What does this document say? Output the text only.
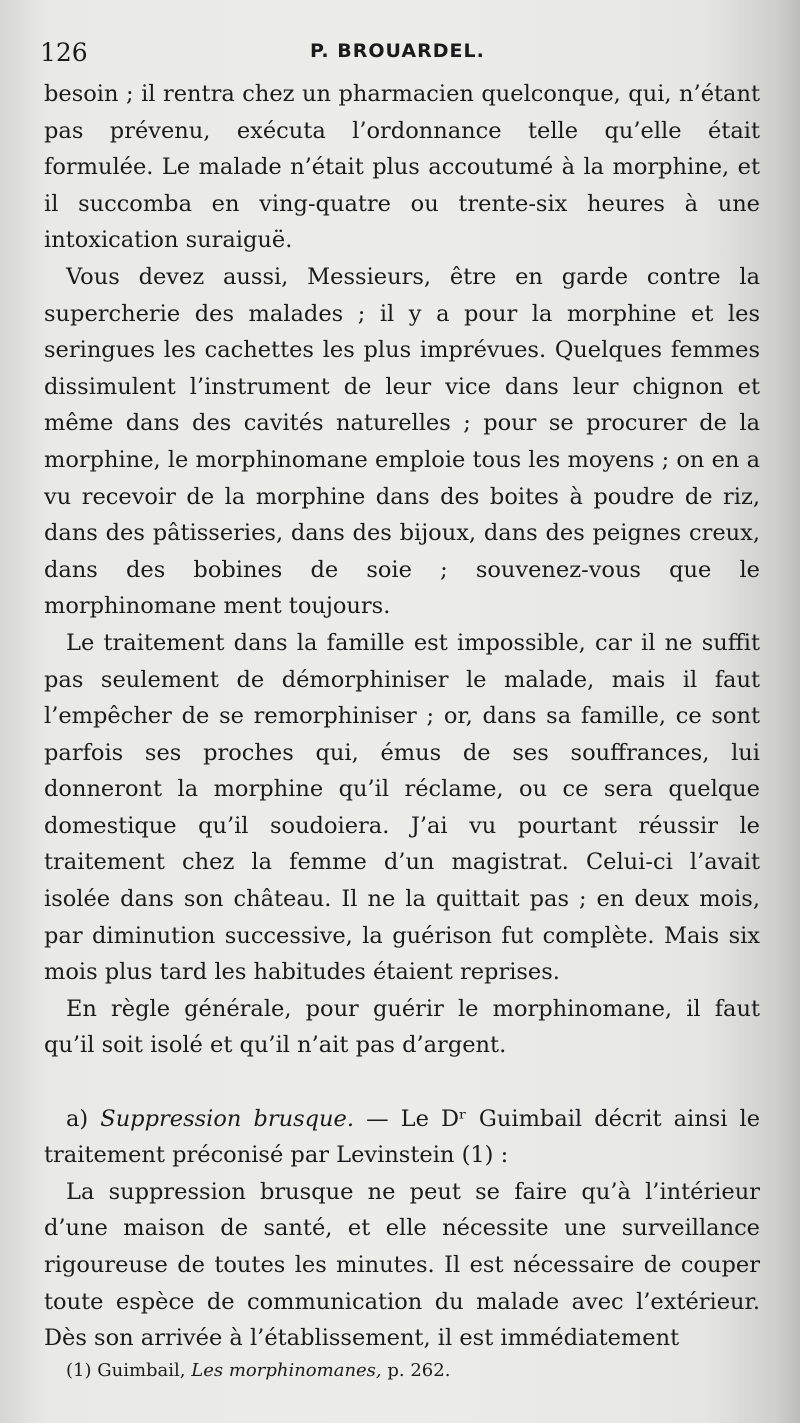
126	P. BROUARDEL.

besoin ; il rentra chez un pharmacien quelconque, qui, n’étant pas prévenu, exécuta l’ordonnance telle qu’elle était formulée. Le malade n’était plus accoutumé à la morphine, et il succomba en ving-quatre ou trente-six heures à une intoxication suraiguë.

Vous devez aussi, Messieurs, être en garde contre la supercherie des malades ; il y a pour la morphine et les seringues les cachettes les plus imprévues. Quelques femmes dissimulent l’instrument de leur vice dans leur chignon et même dans des cavités naturelles ; pour se procurer de la morphine, le morphinomane emploie tous les moyens ; on en a vu recevoir de la morphine dans des boites à poudre de riz, dans des pâtisseries, dans des bijoux, dans des peignes creux, dans des bobines de soie ; souvenez-vous que le morphinomane ment toujours.

Le traitement dans la famille est impossible, car il ne suffit pas seulement de démorphiniser le malade, mais il faut l’empêcher de se remorphiniser ; or, dans sa famille, ce sont parfois ses proches qui, émus de ses souffrances, lui donneront la morphine qu’il réclame, ou ce sera quelque domestique qu’il soudoiera. J’ai vu pourtant réussir le traitement chez la femme d’un magistrat. Celui-ci l’avait isolée dans son château. Il ne la quittait pas ; en deux mois, par diminution successive, la guérison fut complète. Mais six mois plus tard les habitudes étaient reprises.

En règle générale, pour guérir le morphinomane, il faut qu’il soit isolé et qu’il n’ait pas d’argent.

a) Suppression brusque. — Le Dʳ Guimbail décrit ainsi le traitement préconisé par Levinstein (1) :

La suppression brusque ne peut se faire qu’à l’intérieur d’une maison de santé, et elle nécessite une surveillance rigoureuse de toutes les minutes. Il est nécessaire de couper toute espèce de communication du malade avec l’extérieur. Dès son arrivée à l’établissement, il est immédiatement

(1) Guimbail, Les morphinomanes, p. 262.
